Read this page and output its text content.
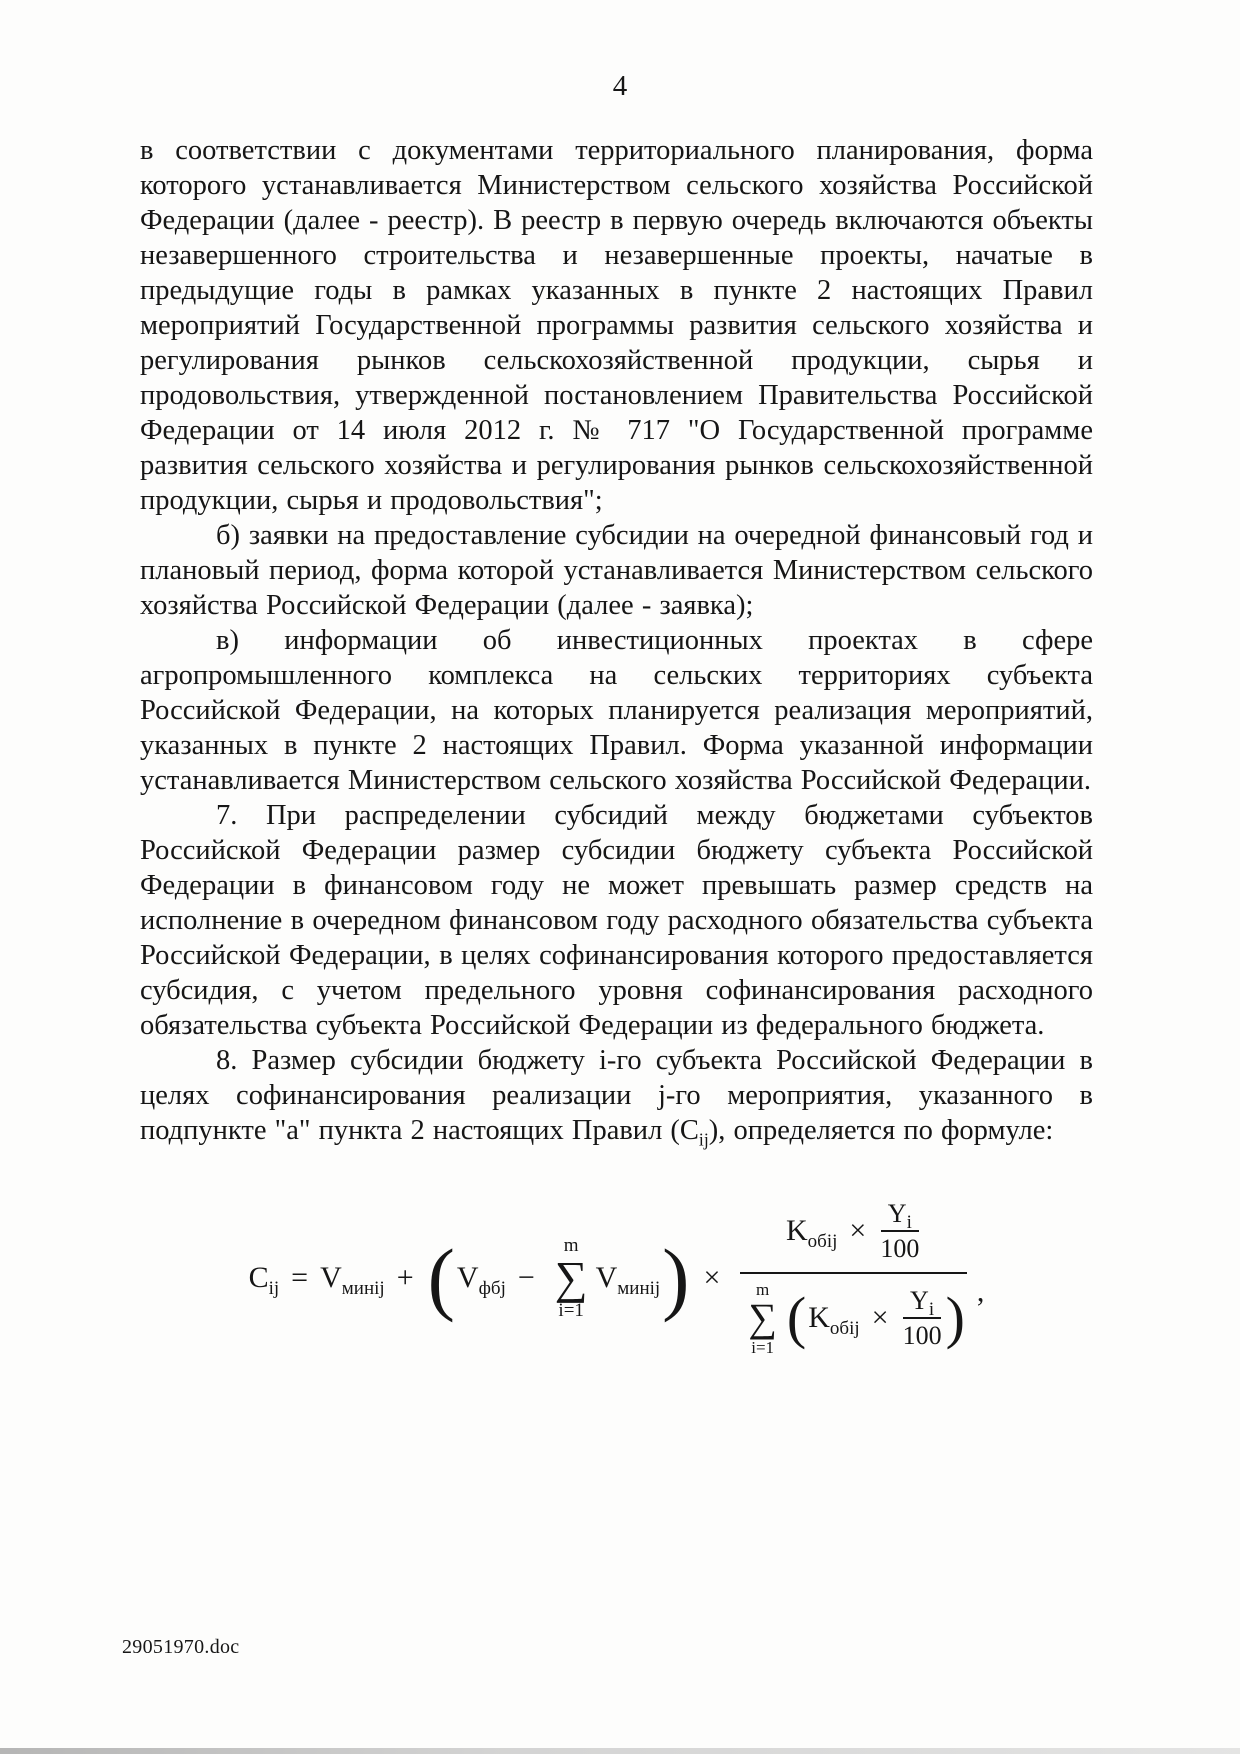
4

в соответствии с документами территориального планирования, форма которого устанавливается Министерством сельского хозяйства Российской Федерации (далее - реестр). В реестр в первую очередь включаются объекты незавершенного строительства и незавершенные проекты, начатые в предыдущие годы в рамках указанных в пункте 2 настоящих Правил мероприятий Государственной программы развития сельского хозяйства и регулирования рынков сельскохозяйственной продукции, сырья и продовольствия, утвержденной постановлением Правительства Российской Федерации от 14 июля 2012 г. № 717 "О Государственной программе развития сельского хозяйства и регулирования рынков сельскохозяйственной продукции, сырья и продовольствия";

б) заявки на предоставление субсидии на очередной финансовый год и плановый период, форма которой устанавливается Министерством сельского хозяйства Российской Федерации (далее - заявка);

в) информации об инвестиционных проектах в сфере агропромышленного комплекса на сельских территориях субъекта Российской Федерации, на которых планируется реализация мероприятий, указанных в пункте 2 настоящих Правил. Форма указанной информации устанавливается Министерством сельского хозяйства Российской Федерации.

7. При распределении субсидий между бюджетами субъектов Российской Федерации размер субсидии бюджету субъекта Российской Федерации в финансовом году не может превышать размер средств на исполнение в очередном финансовом году расходного обязательства субъекта Российской Федерации, в целях софинансирования которого предоставляется субсидия, с учетом предельного уровня софинансирования расходного обязательства субъекта Российской Федерации из федерального бюджета.

8. Размер субсидии бюджету i-го субъекта Российской Федерации в целях софинансирования реализации j-го мероприятия, указанного в подпункте "а" пункта 2 настоящих Правил $(C_{ij})$, определяется по формуле:

$C_{ij} = V_{минij}$ + ( $V_{фбj}$ −
m
∑
i=1
$V_{минij}$ ) ×
$K_{обij} \times \frac{Y_i}{100}$
m
∑
i=1 ( $K_{обij} \times \frac{Y_i}{100}$ ) ,
29051970.doc
